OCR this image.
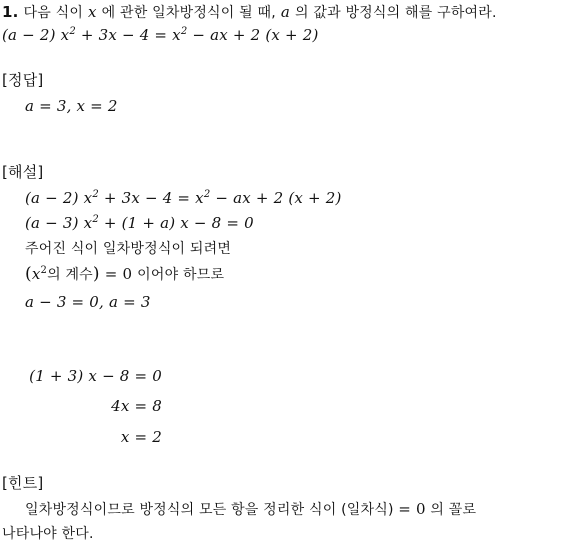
1. 다음 식이 x 에 관한 일차방정식이 될 때, a 의 값과 방정식의 해를 구하여라.
(a − 2) $x^2 + 3x - 4 = x^2$ − ax + 2 (x + 2)
[정답]
a = 3, x = 2
[해설]
(a − 2) $x^2 + 3x - 4 = x^2$ − ax + 2 (x + 2)
(a − 3) $x^2 + (1 + a) x - 8 = 0$
주어진 식이 일차방정식이 되려면
($x^2$의 계수) = 0 이어야 하므로
a − 3 = 0, a = 3
(1 + 3) x − 8 = 0
4x = 8
x = 2
[힌트]
일차방정식이므로 방정식의 모든 항을 정리한 식이 (일차식) = 0 의 꼴로
나타나야 한다.
